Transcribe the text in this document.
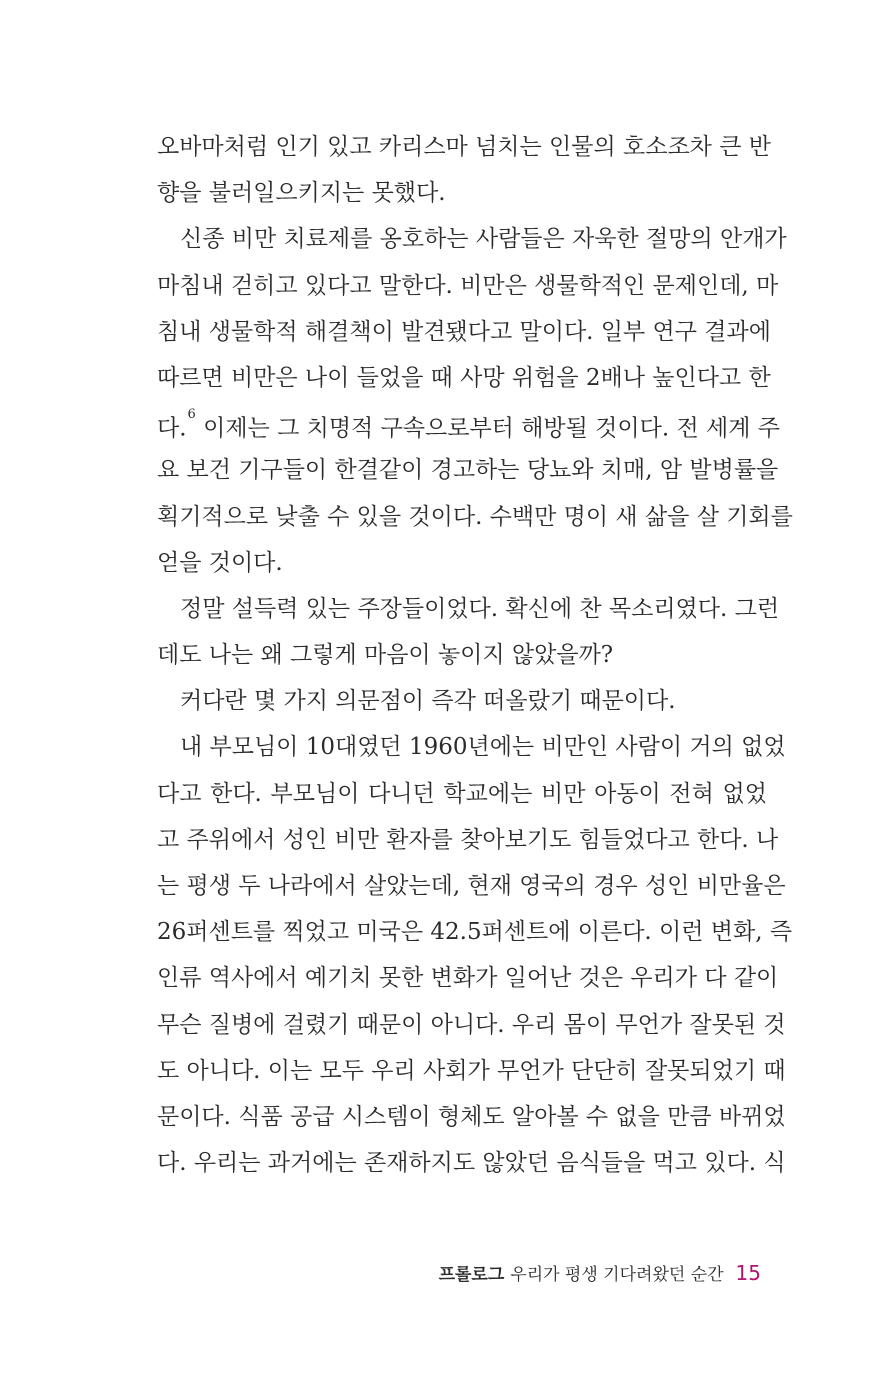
오바마처럼 인기 있고 카리스마 넘치는 인물의 호소조차 큰 반
향을 불러일으키지는 못했다.
신종 비만 치료제를 옹호하는 사람들은 자욱한 절망의 안개가
마침내 걷히고 있다고 말한다. 비만은 생물학적인 문제인데, 마
침내 생물학적 해결책이 발견됐다고 말이다. 일부 연구 결과에
따르면 비만은 나이 들었을 때 사망 위험을 2배나 높인다고 한
다.$^6$ 이제는 그 치명적 구속으로부터 해방될 것이다. 전 세계 주
요 보건 기구들이 한결같이 경고하는 당뇨와 치매, 암 발병률을
획기적으로 낮출 수 있을 것이다. 수백만 명이 새 삶을 살 기회를
얻을 것이다.
정말 설득력 있는 주장들이었다. 확신에 찬 목소리였다. 그런
데도 나는 왜 그렇게 마음이 놓이지 않았을까?
커다란 몇 가지 의문점이 즉각 떠올랐기 때문이다.
내 부모님이 10대였던 1960년에는 비만인 사람이 거의 없었
다고 한다. 부모님이 다니던 학교에는 비만 아동이 전혀 없었
고 주위에서 성인 비만 환자를 찾아보기도 힘들었다고 한다. 나
는 평생 두 나라에서 살았는데, 현재 영국의 경우 성인 비만율은
26퍼센트를 찍었고 미국은 42.5퍼센트에 이른다. 이런 변화, 즉
인류 역사에서 예기치 못한 변화가 일어난 것은 우리가 다 같이
무슨 질병에 걸렸기 때문이 아니다. 우리 몸이 무언가 잘못된 것
도 아니다. 이는 모두 우리 사회가 무언가 단단히 잘못되었기 때
문이다. 식품 공급 시스템이 형체도 알아볼 수 없을 만큼 바뀌었
다. 우리는 과거에는 존재하지도 않았던 음식들을 먹고 있다. 식
프롤로그 우리가 평생 기다려왔던 순간 15
